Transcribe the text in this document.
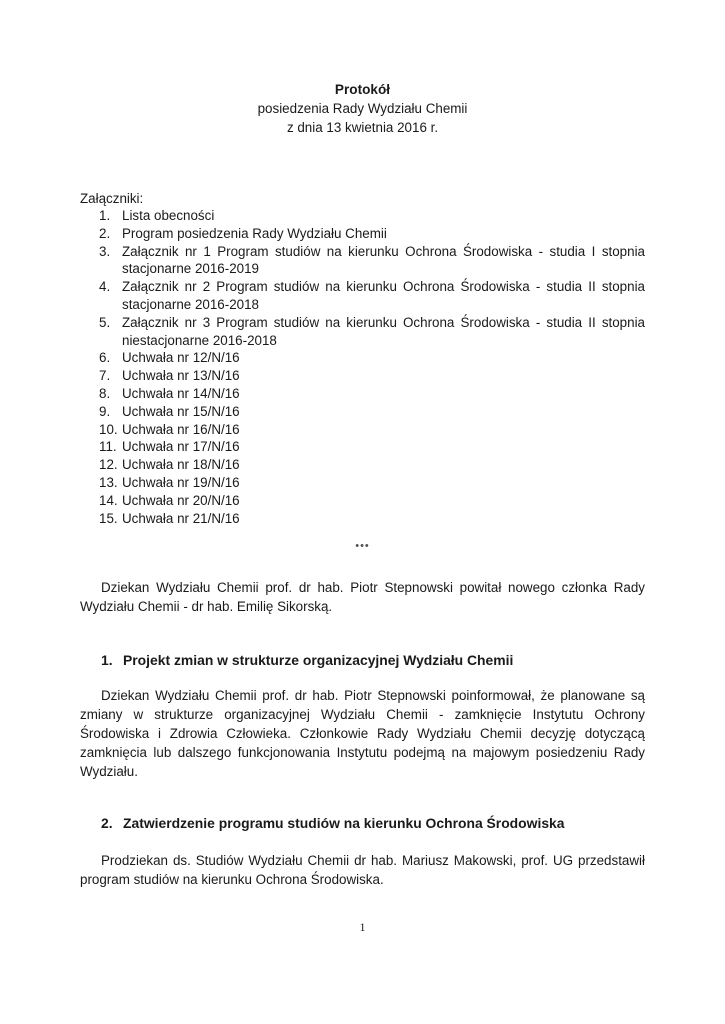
Protokół
posiedzenia Rady Wydziału Chemii
z dnia 13 kwietnia 2016 r.
Załączniki:
1. Lista obecności
2. Program posiedzenia Rady Wydziału Chemii
3. Załącznik nr 1 Program studiów na kierunku Ochrona Środowiska - studia I stopnia stacjonarne 2016-2019
4. Załącznik nr 2 Program studiów na kierunku Ochrona Środowiska - studia II stopnia stacjonarne 2016-2018
5. Załącznik nr 3 Program studiów na kierunku Ochrona Środowiska - studia II stopnia niestacjonarne 2016-2018
6. Uchwała nr 12/N/16
7. Uchwała nr 13/N/16
8. Uchwała nr 14/N/16
9. Uchwała nr 15/N/16
10. Uchwała nr 16/N/16
11. Uchwała nr 17/N/16
12. Uchwała nr 18/N/16
13. Uchwała nr 19/N/16
14. Uchwała nr 20/N/16
15. Uchwała nr 21/N/16
•••

Dziekan Wydziału Chemii prof. dr hab. Piotr Stepnowski powitał nowego członka Rady Wydziału Chemii - dr hab. Emilię Sikorską.

1. Projekt zmian w strukturze organizacyjnej Wydziału Chemii

Dziekan Wydziału Chemii prof. dr hab. Piotr Stepnowski poinformował, że planowane są zmiany w strukturze organizacyjnej Wydziału Chemii - zamknięcie Instytutu Ochrony Środowiska i Zdrowia Człowieka. Członkowie Rady Wydziału Chemii decyzję dotyczącą zamknięcia lub dalszego funkcjonowania Instytutu podejmą na majowym posiedzeniu Rady Wydziału.

2. Zatwierdzenie programu studiów na kierunku Ochrona Środowiska

Prodziekan ds. Studiów Wydziału Chemii dr hab. Mariusz Makowski, prof. UG przedstawił program studiów na kierunku Ochrona Środowiska.

1
